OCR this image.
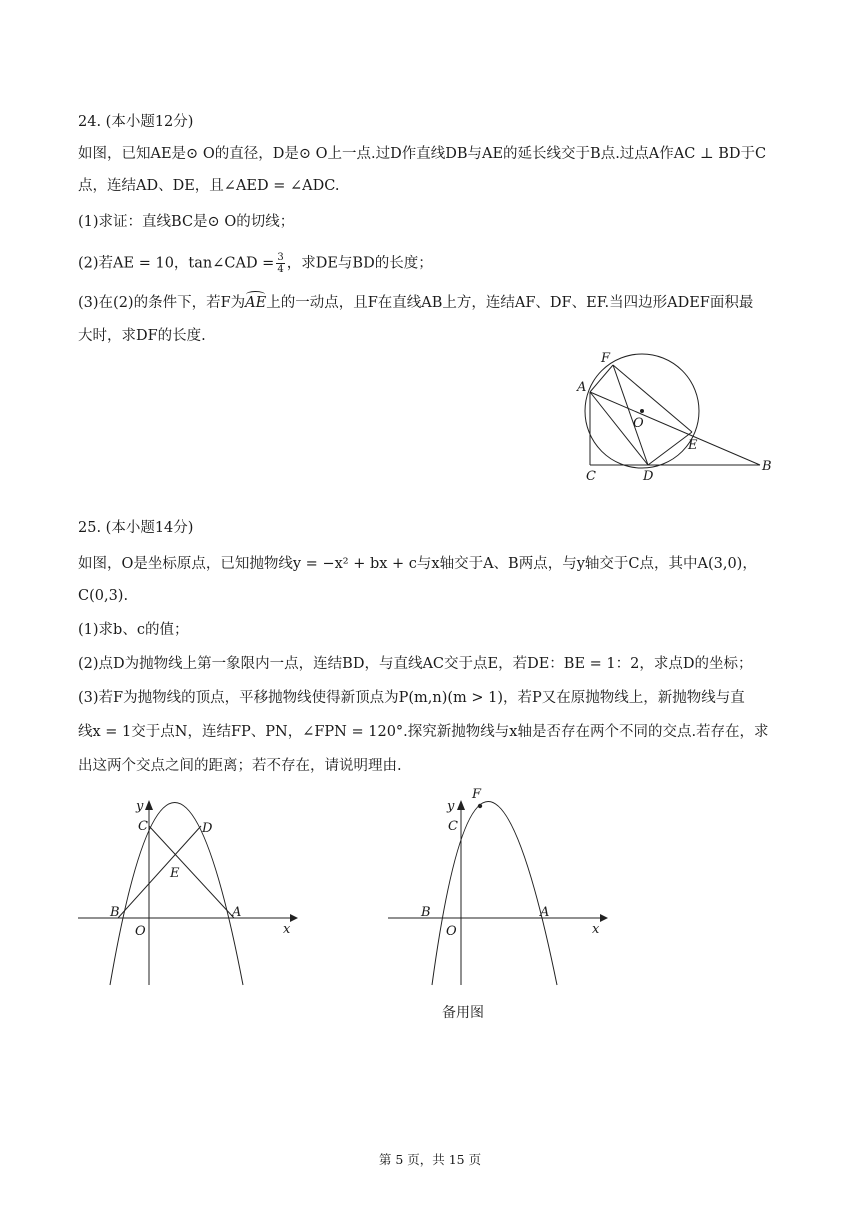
24. (本小题12分)
如图，已知AE是⊙ O的直径，D是⊙ O上一点.过D作直线DB与AE的延长线交于B点.过点A作AC ⊥ BD于C
点，连结AD、DE，且∠AED = ∠ADC.
(1)求证：直线BC是⊙ O的切线；
(2)若AE = 10，tan∠CAD = $\frac{3}{4}$ ，求DE与BD的长度；
(3)在(2)的条件下，若F为AE上的一动点，且F在直线AB上方，连结AF、DF、EF.当四边形ADEF面积最
大时，求DF的长度.
F
A
O
E
C	D
B
25. (本小题14分)
如图，O是坐标原点，已知抛物线y = −x² + bx + c与x轴交于A、B两点，与y轴交于C点，其中A(3,0)，
C(0,3).
(1)求b、c的值；
(2)点D为抛物线上第一象限内一点，连结BD，与直线AC交于点E，若DE：BE = 1：2，求点D的坐标；
(3)若F为抛物线的顶点，平移抛物线使得新顶点为P(m,n)(m > 1)，若P又在原抛物线上，新抛物线与直
线x = 1交于点N，连结FP、PN，∠FPN = 120°.探究新抛物线与x轴是否存在两个不同的交点.若存在，求
出这两个交点之间的距离；若不存在，请说明理由.
y
C	D
E
B
O
A
x
F
y
C
B
O
A
x
备用图
第 5 页，共 15 页
